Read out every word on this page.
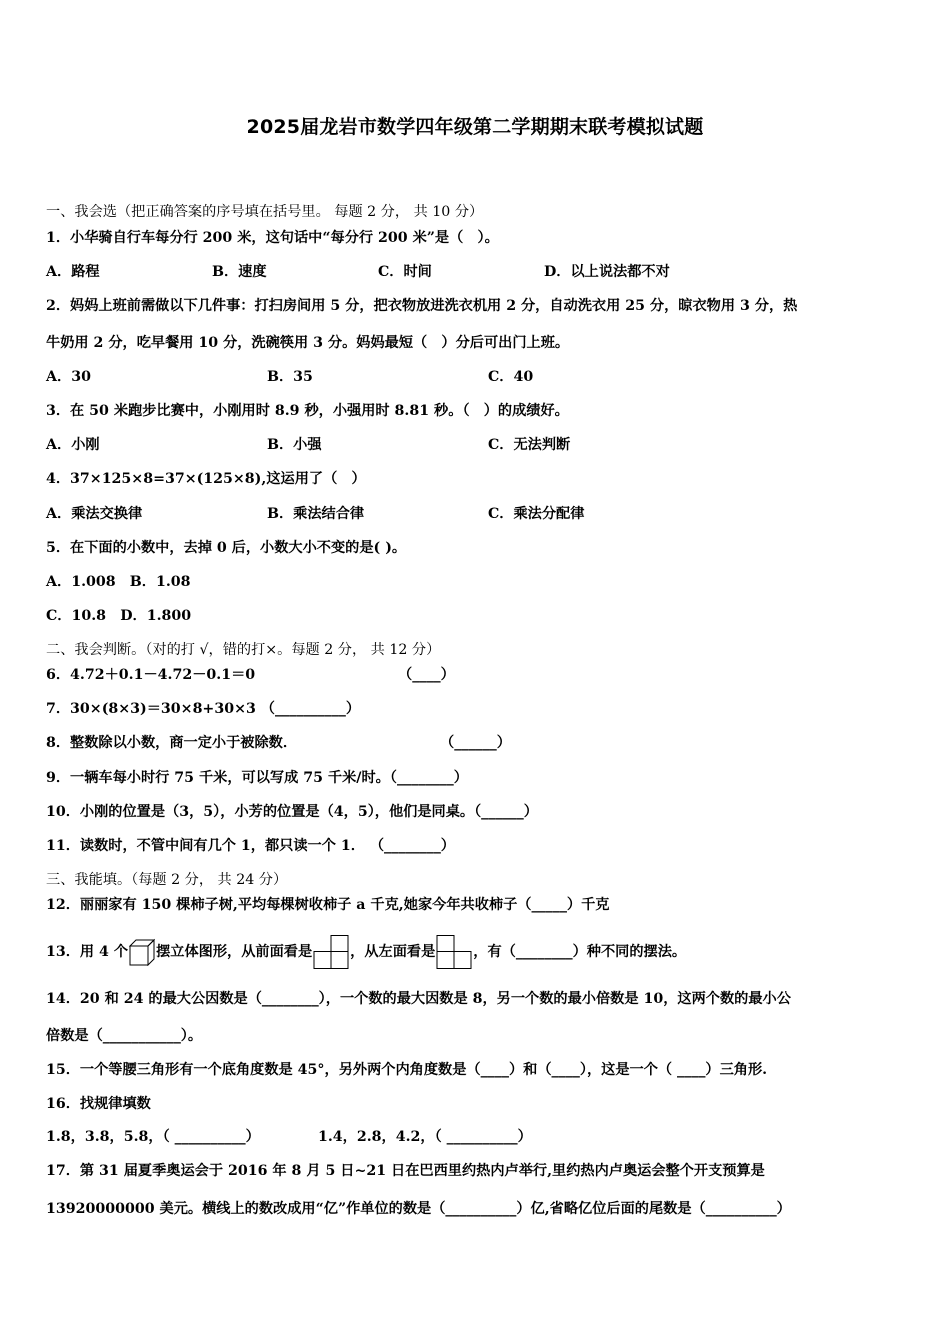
2025届龙岩市数学四年级第二学期期末联考模拟试题
一、我会选（把正确答案的序号填在括号里。 每题 2 分， 共 10 分）
1．小华骑自行车每分行 200 米，这句话中“每分行 200 米”是（　）。
A．路程	B．速度	C．时间	D．以上说法都不对
2．妈妈上班前需做以下几件事：打扫房间用 5 分，把衣物放进洗衣机用 2 分，自动洗衣用 25 分，晾衣物用 3 分，热
牛奶用 2 分，吃早餐用 10 分，洗碗筷用 3 分。妈妈最短（　）分后可出门上班。
A．30	B．35	C．40
3．在 50 米跑步比赛中，小刚用时 8.9 秒，小强用时 8.81 秒。（　）的成绩好。
A．小刚	B．小强	C．无法判断
4．37×125×8=37×(125×8),这运用了（　）
A．乘法交换律	B．乘法结合律	C．乘法分配律
5．在下面的小数中，去掉 0 后，小数大小不变的是( )。
A．1.008　B．1.08
C．10.8　D．1.800
二、我会判断。（对的打 √，错的打×。每题 2 分， 共 12 分）
6．4.72＋0.1－4.72－0.1＝0	（____）
7．30×(8×3)＝30×8+30×3 （__________）
8．整数除以小数，商一定小于被除数．	（______）
9．一辆车每小时行 75 千米，可以写成 75 千米/时。（________）
10．小刚的位置是（3，5），小芳的位置是（4，5），他们是同桌。（______）
11．读数时，不管中间有几个 1，都只读一个 1． （________）
三、我能填。（每题 2 分， 共 24 分）
12．丽丽家有 150 棵柿子树,平均每棵树收柿子 a 千克,她家今年共收柿子（_____）千克
13．用 4 个 摆立体图形，从前面看是	，从左面看是	，有（________）种不同的摆法。
14．20 和 24 的最大公因数是（________），一个数的最大因数是 8，另一个数的最小倍数是 10，这两个数的最小公
倍数是（___________）。
15．一个等腰三角形有一个底角度数是 45°，另外两个内角度数是（____）和（____），这是一个（ ____）三角形.
16．找规律填数
1.8，3.8，5.8，（ __________）	1.4，2.8，4.2，（ __________）
17．第 31 届夏季奥运会于 2016 年 8 月 5 日~21 日在巴西里约热内卢举行,里约热内卢奥运会整个开支预算是
13920000000 美元。横线上的数改成用“亿”作单位的数是（__________）亿,省略亿位后面的尾数是（__________）
